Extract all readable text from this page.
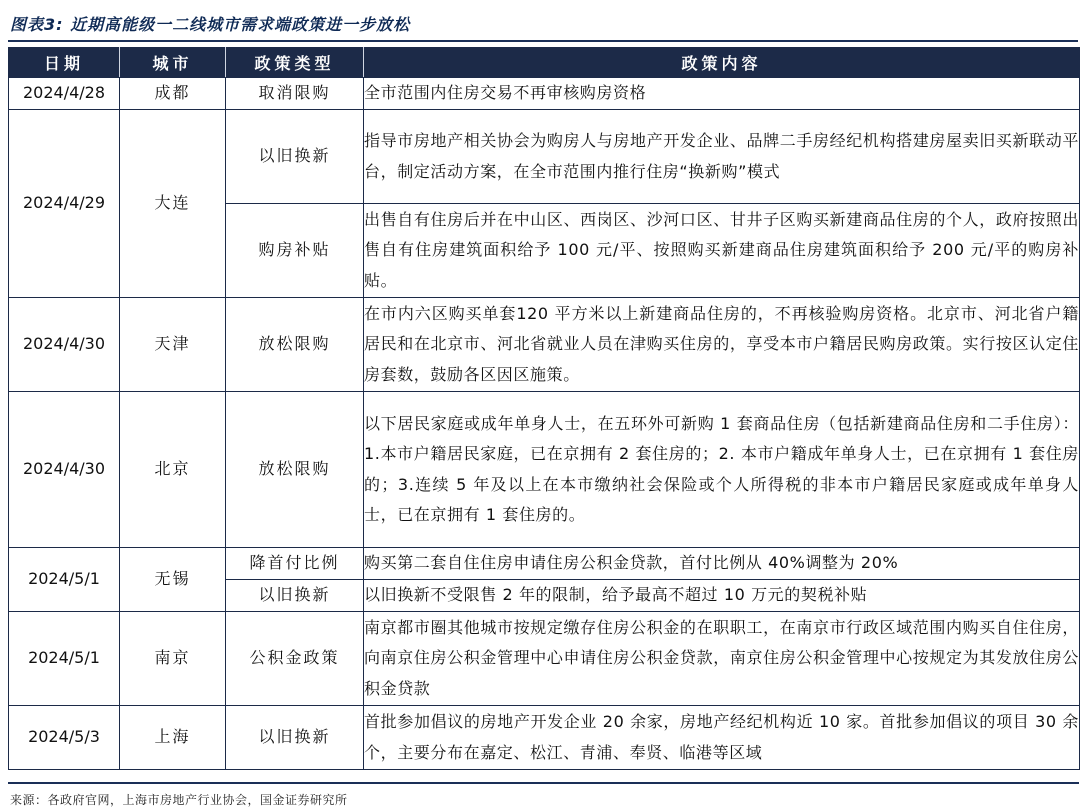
图表3: 近期高能级一二线城市需求端政策进一步放松
日期	城市	政策类型	政策内容
2024/4/28	成都	取消限购	全市范围内住房交易不再审核购房资格
2024/4/29	大连	以旧换新	指导市房地产相关协会为购房人与房地产开发企业、品牌二手房经纪机构搭建房屋卖旧买新联动平台，制定活动方案，在全市范围内推行住房“换新购”模式
		购房补贴	出售自有住房后并在中山区、西岗区、沙河口区、甘井子区购买新建商品住房的个人，政府按照出售自有住房建筑面积给予 100 元/平、按照购买新建商品住房建筑面积给予 200 元/平的购房补贴。
2024/4/30	天津	放松限购	在市内六区购买单套120 平方米以上新建商品住房的，不再核验购房资格。北京市、河北省户籍居民和在北京市、河北省就业人员在津购买住房的，享受本市户籍居民购房政策。实行按区认定住房套数，鼓励各区因区施策。
2024/4/30	北京	放松限购	以下居民家庭或成年单身人士，在五环外可新购 1 套商品住房（包括新建商品住房和二手住房）：1.本市户籍居民家庭，已在京拥有 2 套住房的；2. 本市户籍成年单身人士，已在京拥有 1 套住房的；3.连续 5 年及以上在本市缴纳社会保险或个人所得税的非本市户籍居民家庭或成年单身人士，已在京拥有 1 套住房的。
2024/5/1	无锡	降首付比例	购买第二套自住住房申请住房公积金贷款，首付比例从 40%调整为 20%
		以旧换新	以旧换新不受限售 2 年的限制，给予最高不超过 10 万元的契税补贴
2024/5/1	南京	公积金政策	南京都市圈其他城市按规定缴存住房公积金的在职职工，在南京市行政区域范围内购买自住住房，向南京住房公积金管理中心申请住房公积金贷款，南京住房公积金管理中心按规定为其发放住房公积金贷款
2024/5/3	上海	以旧换新	首批参加倡议的房地产开发企业 20 余家，房地产经纪机构近 10 家。首批参加倡议的项目 30 余个，主要分布在嘉定、松江、青浦、奉贤、临港等区域
来源：各政府官网，上海市房地产行业协会，国金证券研究所
